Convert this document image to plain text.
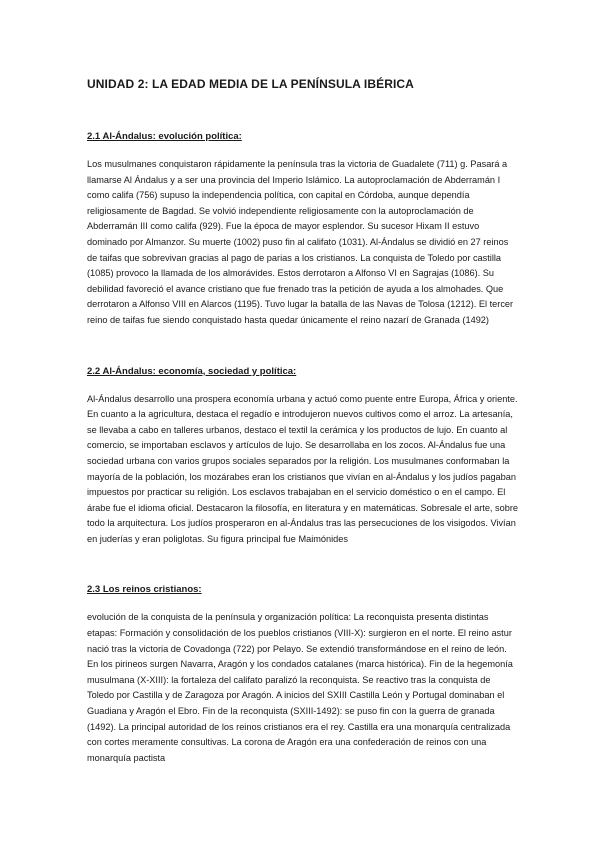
UNIDAD 2: LA EDAD MEDIA DE LA PENÍNSULA IBÉRICA
2.1 Al-Ándalus: evolución política:

Los musulmanes conquistaron rápidamente la península tras la victoria de Guadalete (711) g. Pasará a llamarse Al Ándalus y a ser una provincia del Imperio Islámico. La autoproclamación de Abderramán I como califa (756) supuso la independencia política, con capital en Córdoba, aunque dependía religiosamente de Bagdad. Se volvió independiente religiosamente con la autoproclamación de Abderramán III como califa (929). Fue la época de mayor esplendor. Su sucesor Hixam II estuvo dominado por Almanzor. Su muerte (1002) puso fin al califato (1031). Al-Ándalus se dividió en 27 reinos de taifas que sobrevivan gracias al pago de parias a los cristianos. La conquista de Toledo por castilla (1085) provoco la llamada de los almorávides. Estos derrotaron a Alfonso VI en Sagrajas (1086). Su debilidad favoreció el avance cristiano que fue frenado tras la petición de ayuda a los almohades. Que derrotaron a Alfonso VIII en Alarcos (1195). Tuvo lugar la batalla de las Navas de Tolosa (1212). El tercer reino de taifas fue siendo conquistado hasta quedar únicamente el reino nazarí de Granada (1492)

2.2 Al-Ándalus: economía, sociedad y política:

Al-Ándalus desarrollo una prospera economía urbana y actuó como puente entre Europa, África y oriente. En cuanto a la agricultura, destaca el regadío e introdujeron nuevos cultivos como el arroz. La artesanía, se llevaba a cabo en talleres urbanos, destaco el textil la cerámica y los productos de lujo. En cuanto al comercio, se importaban esclavos y artículos de lujo. Se desarrollaba en los zocos. Al-Ándalus fue una sociedad urbana con varios grupos sociales separados por la religión. Los musulmanes conformaban la mayoría de la población, los mozárabes eran los cristianos que vivían en al-Ándalus y los judíos pagaban impuestos por practicar su religión. Los esclavos trabajaban en el servicio doméstico o en el campo. El árabe fue el idioma oficial. Destacaron la filosofía, en literatura y en matemáticas. Sobresale el arte, sobre todo la arquitectura. Los judíos prosperaron en al-Ándalus tras las persecuciones de los visigodos. Vivían en juderías y eran poliglotas. Su figura principal fue Maimónides

2.3 Los reinos cristianos:

evolución de la conquista de la península y organización política: La reconquista presenta distintas etapas: Formación y consolidación de los pueblos cristianos (VIII-X): surgieron en el norte. El reino astur nació tras la victoria de Covadonga (722) por Pelayo. Se extendió transformándose en el reino de león. En los pirineos surgen Navarra, Aragón y los condados catalanes (marca histórica). Fin de la hegemonía musulmana (X-XIII): la fortaleza del califato paralizó la reconquista. Se reactivo tras la conquista de Toledo por Castilla y de Zaragoza por Aragón. A inicios del SXIII Castilla León y Portugal dominaban el Guadiana y Aragón el Ebro. Fin de la reconquista (SXIII-1492): se puso fin con la guerra de granada (1492). La principal autoridad de los reinos cristianos era el rey. Castilla era una monarquía centralizada con cortes meramente consultivas. La corona de Aragón era una confederación de reinos con una monarquía pactista
